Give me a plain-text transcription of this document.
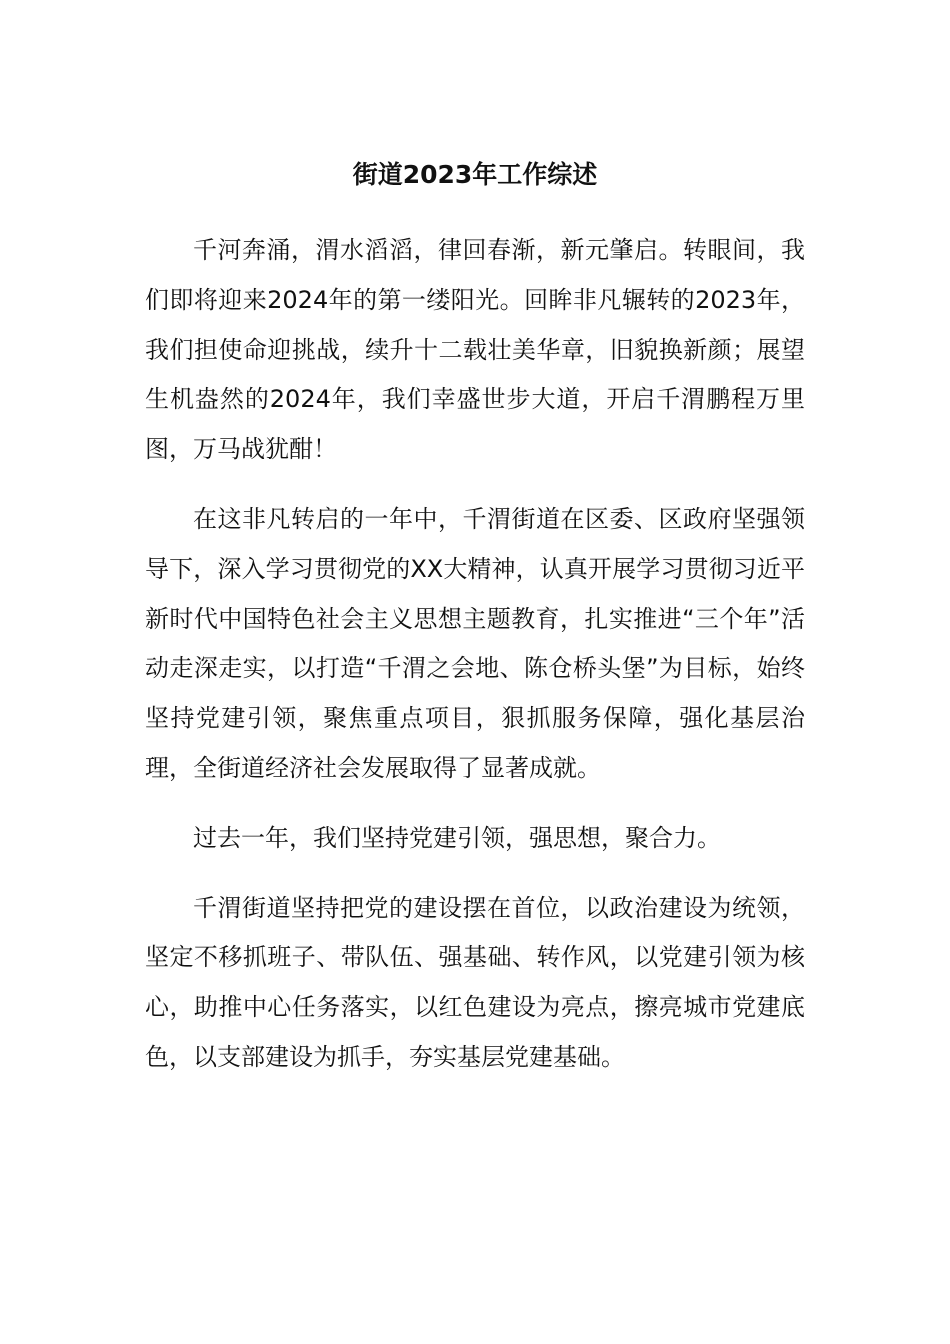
街道2023年工作综述

千河奔涌，渭水滔滔，律回春渐，新元肇启。转眼间，我们即将迎来2024年的第一缕阳光。回眸非凡辗转的2023年，我们担使命迎挑战，续升十二载壮美华章，旧貌换新颜；展望生机盎然的2024年，我们幸盛世步大道，开启千渭鹏程万里图，万马战犹酣！

在这非凡转启的一年中，千渭街道在区委、区政府坚强领导下，深入学习贯彻党的XX大精神，认真开展学习贯彻习近平新时代中国特色社会主义思想主题教育，扎实推进“三个年”活动走深走实，以打造“千渭之会地、陈仓桥头堡”为目标，始终坚持党建引领，聚焦重点项目，狠抓服务保障，强化基层治理，全街道经济社会发展取得了显著成就。

过去一年，我们坚持党建引领，强思想，聚合力。

千渭街道坚持把党的建设摆在首位，以政治建设为统领，坚定不移抓班子、带队伍、强基础、转作风，以党建引领为核心，助推中心任务落实，以红色建设为亮点，擦亮城市党建底色，以支部建设为抓手，夯实基层党建基础。
